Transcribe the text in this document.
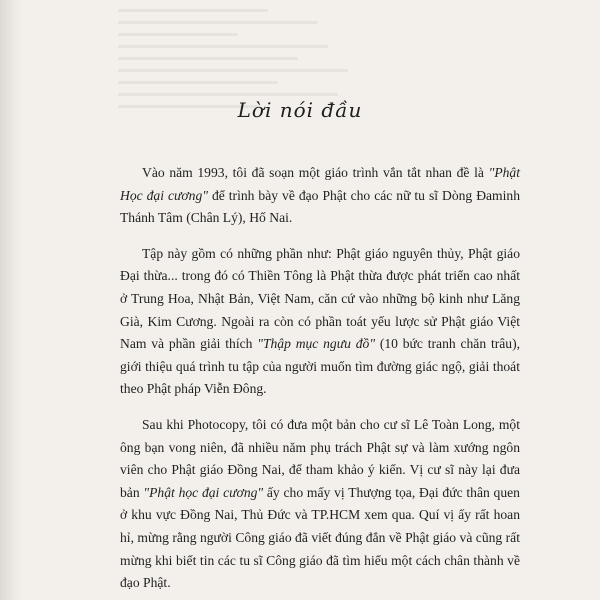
Lời nói đầu

Vào năm 1993, tôi đã soạn một giáo trình vắn tắt nhan đề là "Phật Học đại cương" để trình bày về đạo Phật cho các nữ tu sĩ Dòng Đaminh Thánh Tâm (Chân Lý), Hố Nai.

Tập này gồm có những phần như: Phật giáo nguyên thủy, Phật giáo Đại thừa... trong đó có Thiền Tông là Phật thừa được phát triển cao nhất ở Trung Hoa, Nhật Bản, Việt Nam, căn cứ vào những bộ kinh như Lăng Già, Kim Cương. Ngoài ra còn có phần toát yếu lược sử Phật giáo Việt Nam và phần giải thích "Thập mục ngưu đồ" (10 bức tranh chăn trâu), giới thiệu quá trình tu tập của người muốn tìm đường giác ngộ, giải thoát theo Phật pháp Viễn Đông.

Sau khi Photocopy, tôi có đưa một bản cho cư sĩ Lê Toàn Long, một ông bạn vong niên, đã nhiều năm phụ trách Phật sự và làm xướng ngôn viên cho Phật giáo Đồng Nai, để tham khảo ý kiến. Vị cư sĩ này lại đưa bản "Phật học đại cương" ấy cho mấy vị Thượng tọa, Đại đức thân quen ở khu vực Đồng Nai, Thủ Đức và TP.HCM xem qua. Quí vị ấy rất hoan hỉ, mừng rằng người Công giáo đã viết đúng đắn về Phật giáo và cũng rất mừng khi biết tin các tu sĩ Công giáo đã tìm hiểu một cách chân thành về đạo Phật.
